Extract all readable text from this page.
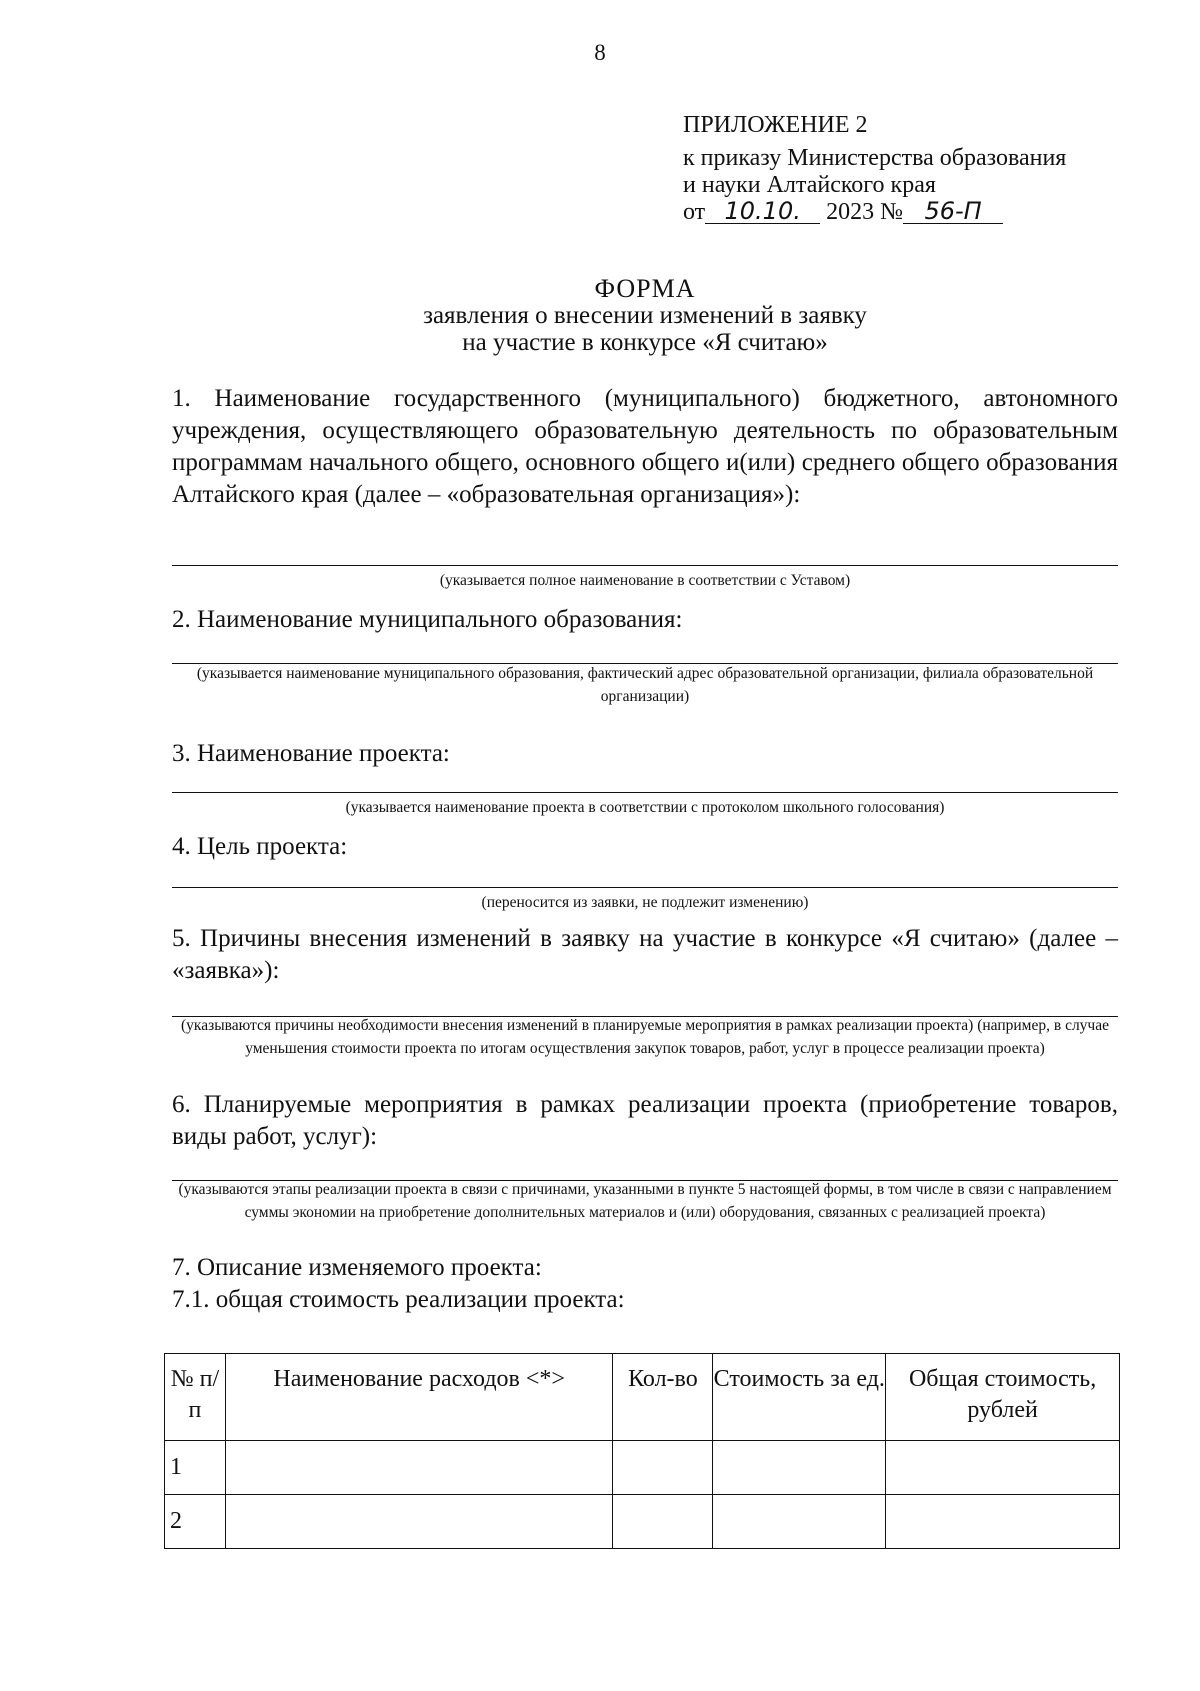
8
ПРИЛОЖЕНИЕ 2
к приказу Министерства образования
и науки Алтайского края
от 10.10. 2023 № 56-П
ФОРМА
заявления о внесении изменений в заявку
на участие в конкурсе «Я считаю»
1. Наименование государственного (муниципального) бюджетного, автономного учреждения, осуществляющего образовательную деятельность по образовательным программам начального общего, основного общего и(или) среднего общего образования Алтайского края (далее – «образовательная организация»):
(указывается полное наименование в соответствии с Уставом)
2. Наименование муниципального образования:
(указывается наименование муниципального образования, фактический адрес образовательной организации, филиала образовательной организации)
3. Наименование проекта:
(указывается наименование проекта в соответствии с протоколом школьного голосования)
4. Цель проекта:
(переносится из заявки, не подлежит изменению)
5. Причины внесения изменений в заявку на участие в конкурсе «Я считаю» (далее – «заявка»):
(указываются причины необходимости внесения изменений в планируемые мероприятия в рамках реализации проекта) (например, в случае уменьшения стоимости проекта по итогам осуществления закупок товаров, работ, услуг в процессе реализации проекта)
6. Планируемые мероприятия в рамках реализации проекта (приобретение товаров, виды работ, услуг):
(указываются этапы реализации проекта в связи с причинами, указанными в пункте 5 настоящей формы, в том числе в связи с направлением суммы экономии на приобретение дополнительных материалов и (или) оборудования, связанных с реализацией проекта)
7. Описание изменяемого проекта:
7.1. общая стоимость реализации проекта:
№ п/п	Наименование расходов <*>	Кол-во	Стоимость за ед.	Общая стоимость, рублей
1				
2				
